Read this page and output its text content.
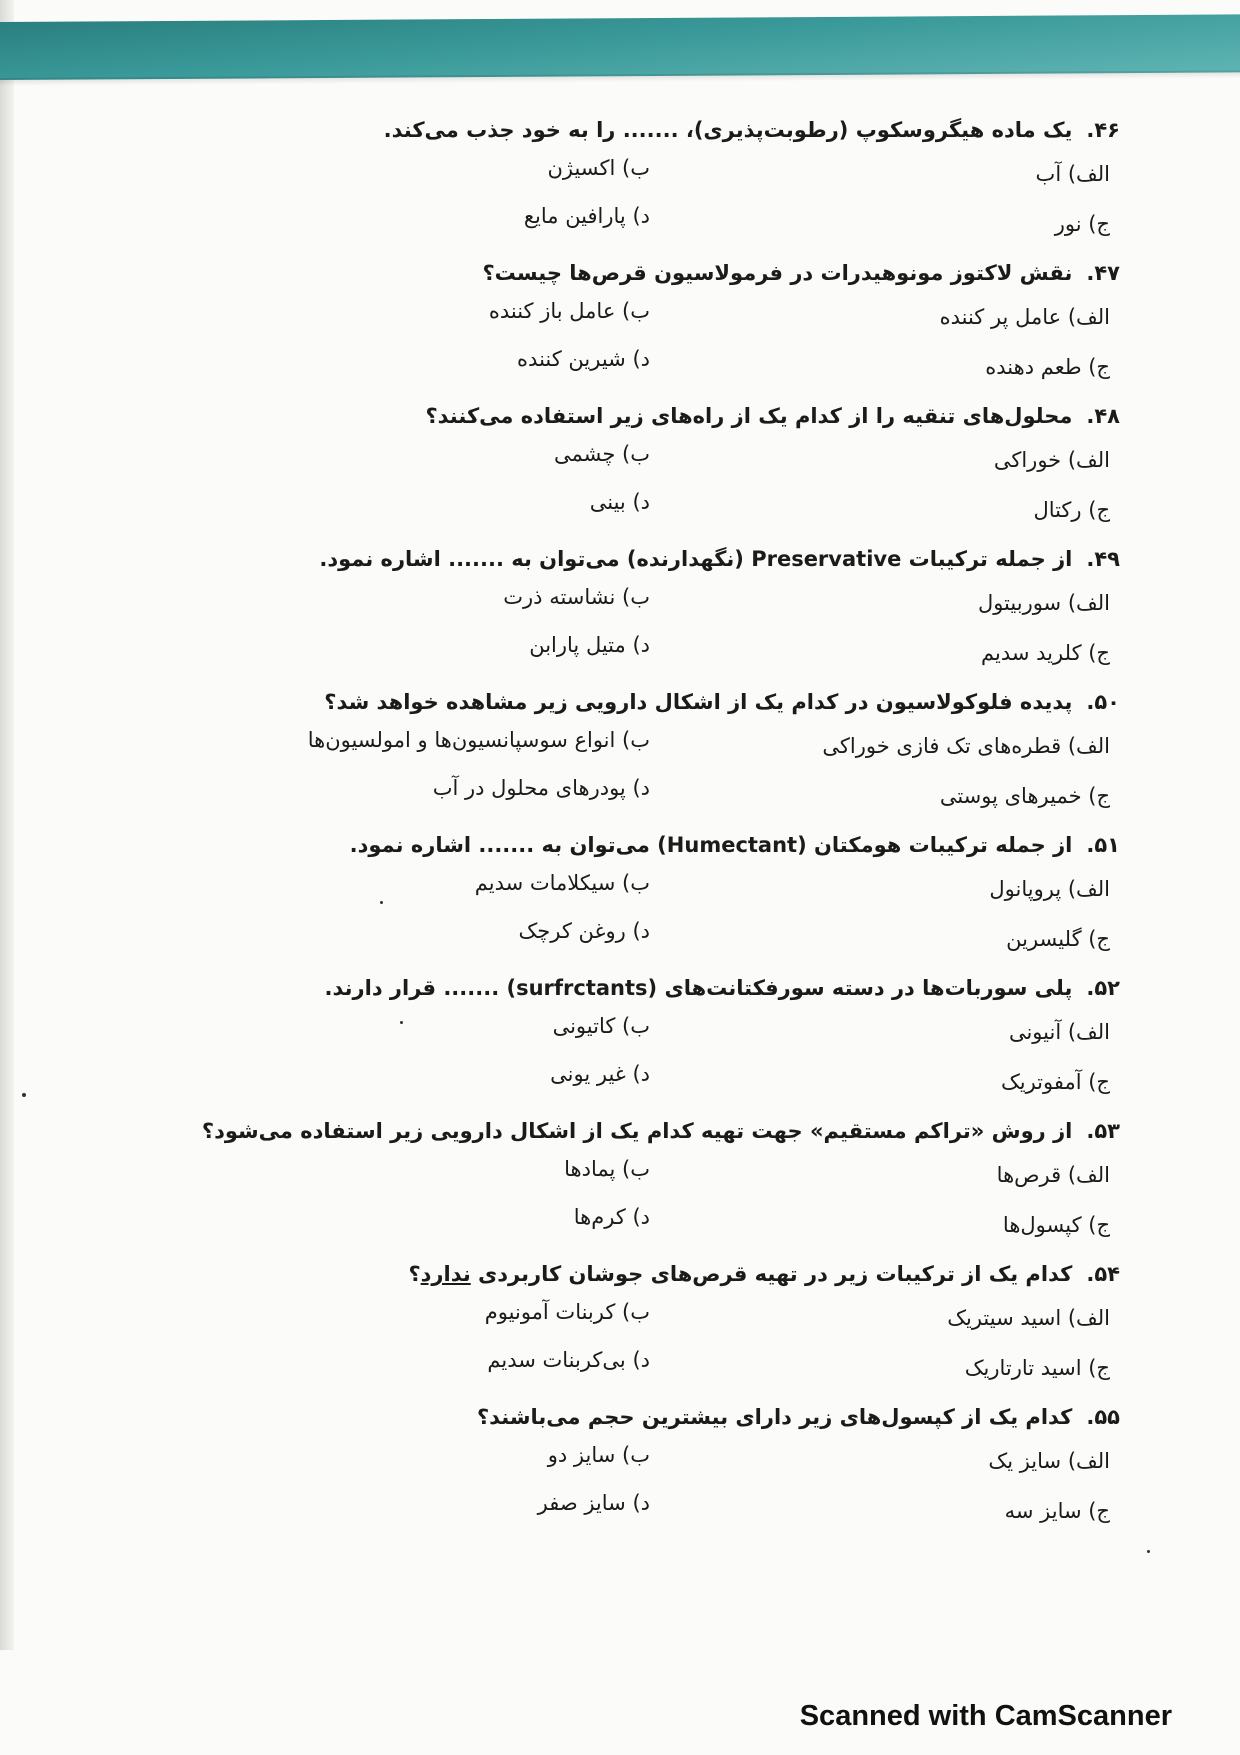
۴۶.
یک ماده هیگروسکوپ (رطوبت‌پذیری)، ....... را به خود جذب می‌کند.
الف) آب
ب) اکسیژن
ج) نور
د) پارافین مایع
۴۷.
نقش لاکتوز مونوهیدرات در فرمولاسیون قرص‌ها چیست؟
الف) عامل پر کننده
ب) عامل باز کننده
ج) طعم دهنده
د) شیرین کننده
۴۸.
محلول‌های تنقیه را از کدام یک از راه‌های زیر استفاده می‌کنند؟
الف) خوراکی
ب) چشمی
ج) رکتال
د) بینی
۴۹.
از جمله ترکیبات Preservative (نگهدارنده) می‌توان به ....... اشاره نمود.
الف) سوربیتول
ب) نشاسته ذرت
ج) کلرید سدیم
د) متیل پارابن
۵۰.
پدیده فلوکولاسیون در کدام یک از اشکال دارویی زیر مشاهده خواهد شد؟
الف) قطره‌های تک فازی خوراکی
ب) انواع سوسپانسیون‌ها و امولسیون‌ها
ج) خمیرهای پوستی
د) پودرهای محلول در آب
۵۱.
از جمله ترکیبات هومکتان (Humectant) می‌توان به ....... اشاره نمود.
الف) پروپانول
ب) سیکلامات سدیم
ج) گلیسرین
د) روغن کرچک
۵۲.
پلی سوربات‌ها در دسته سورفکتانت‌های (surfrctants) ....... قرار دارند.
الف) آنیونی
ب) کاتیونی
ج) آمفوتریک
د) غیر یونی
۵۳.
از روش «تراکم مستقیم» جهت تهیه کدام یک از اشکال دارویی زیر استفاده می‌شود؟
الف) قرص‌ها
ب) پمادها
ج) کپسول‌ها
د) کرم‌ها
۵۴.
کدام یک از ترکیبات زیر در تهیه قرص‌های جوشان کاربردی ندارد؟
الف) اسید سیتریک
ب) کربنات آمونیوم
ج) اسید تارتاریک
د) بی‌کربنات سدیم
۵۵.
کدام یک از کپسول‌های زیر دارای بیشترین حجم می‌باشند؟
الف) سایز یک
ب) سایز دو
ج) سایز سه
د) سایز صفر
Scanned with CamScanner
